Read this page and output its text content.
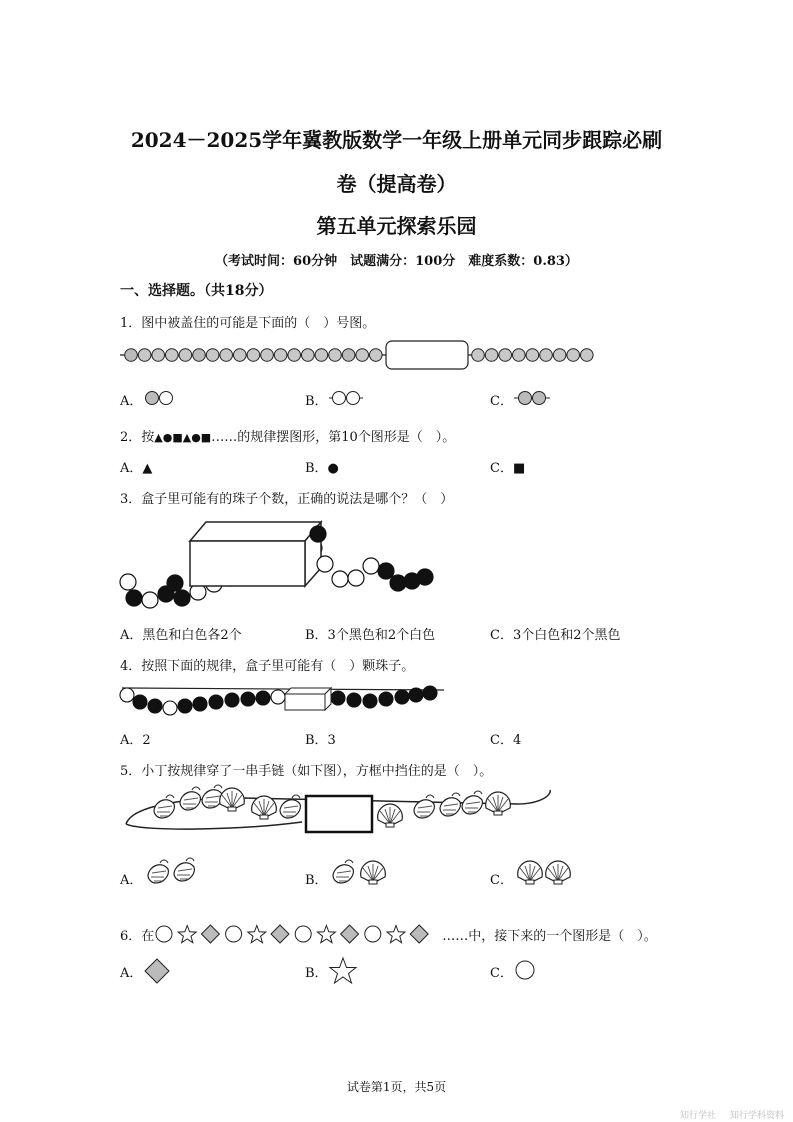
2024－2025学年冀教版数学一年级上册单元同步跟踪必刷
卷（提高卷）
第五单元探索乐园
（考试时间：60分钟　试题满分：100分　难度系数：0.83）
一、选择题。（共18分）
1．图中被盖住的可能是下面的（　）号图。
A．	B．	C．
2．按▲●■▲●■……的规律摆图形，第10个图形是（　）。
A．▲	B．●	C．■
3．盒子里可能有的珠子个数，正确的说法是哪个？（　）
A．黑色和白色各2个	B．3个黑色和2个白色	C．3个白色和2个黑色
4．按照下面的规律，盒子里可能有（　）颗珠子。
A．2	B．3	C．4
5．小丁按规律穿了一串手链（如下图），方框中挡住的是（　）。
A．	B．	C．
6．在	……中，接下来的一个图形是（　）。
A．	B．	C．
试卷第1页，共5页
知行学社 知行学科资料
